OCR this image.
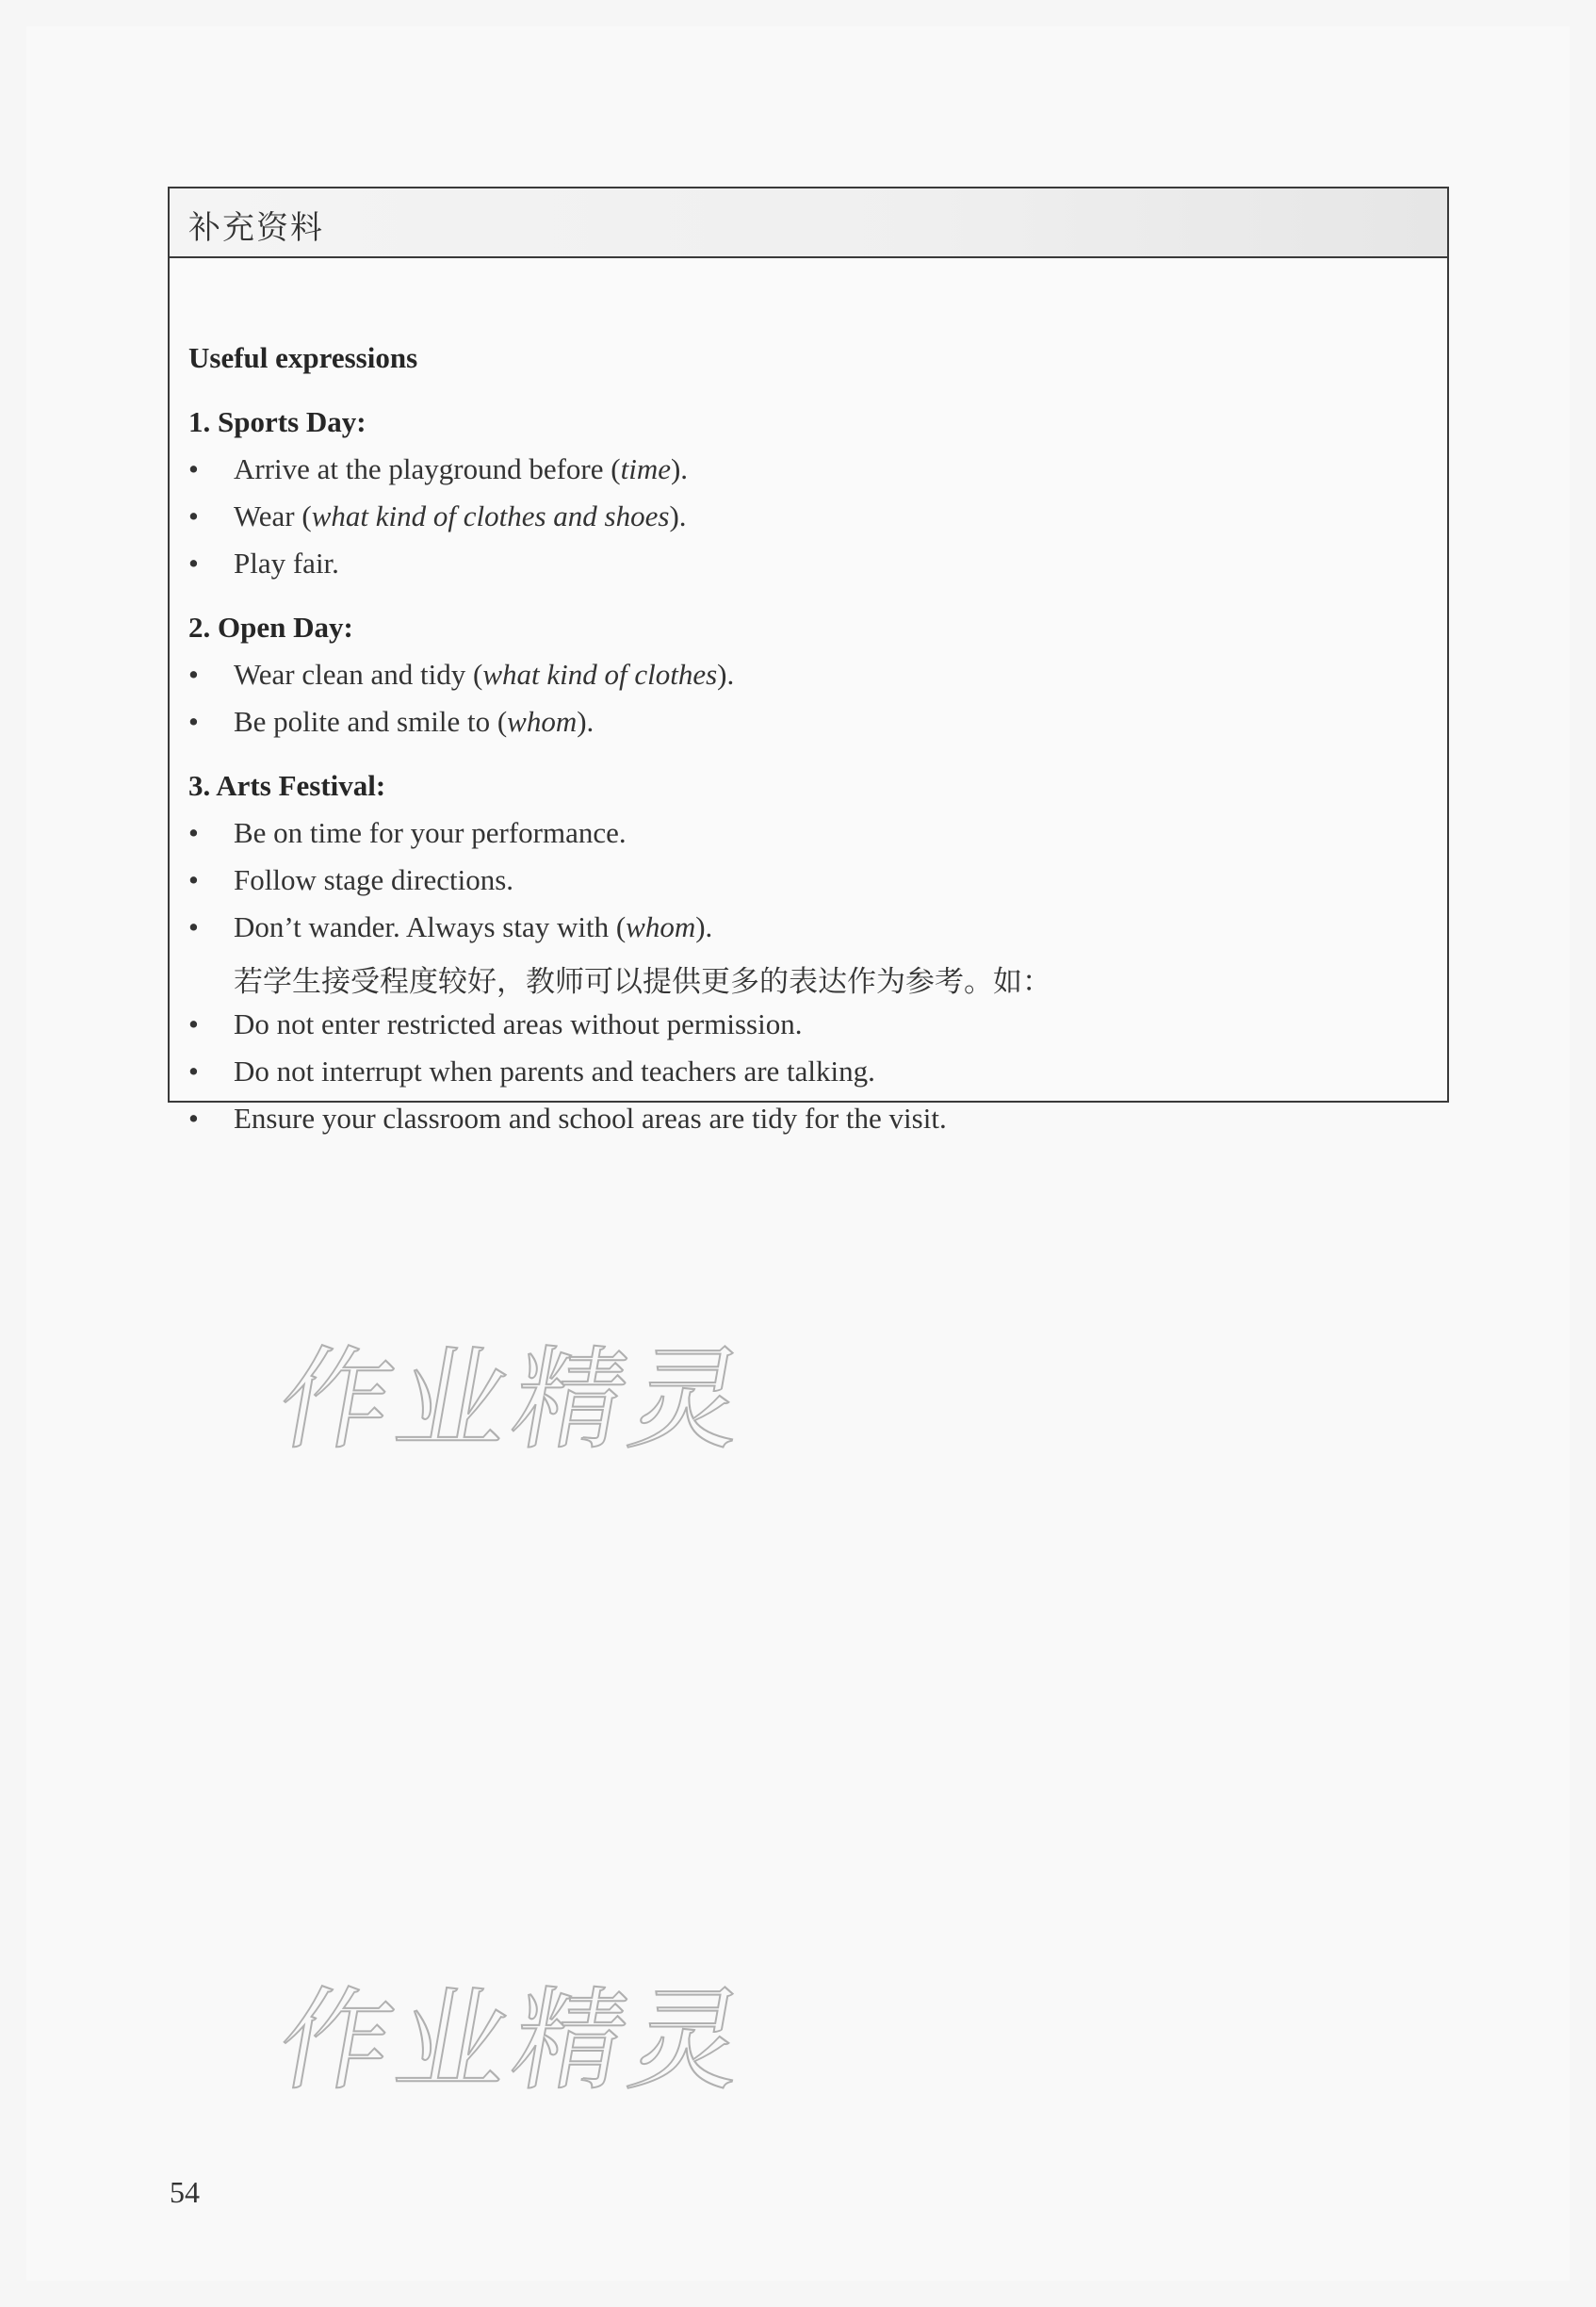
补充资料
Useful expressions
1. Sports Day:
• Arrive at the playground before (time).
• Wear (what kind of clothes and shoes).
• Play fair.
2. Open Day:
• Wear clean and tidy (what kind of clothes).
• Be polite and smile to (whom).
3. Arts Festival:
• Be on time for your performance.
• Follow stage directions.
• Don’t wander. Always stay with (whom).
若学生接受程度较好，教师可以提供更多的表达作为参考。如：
• Do not enter restricted areas without permission.
• Do not interrupt when parents and teachers are talking.
• Ensure your classroom and school areas are tidy for the visit.
作业精灵
作业精灵
54
